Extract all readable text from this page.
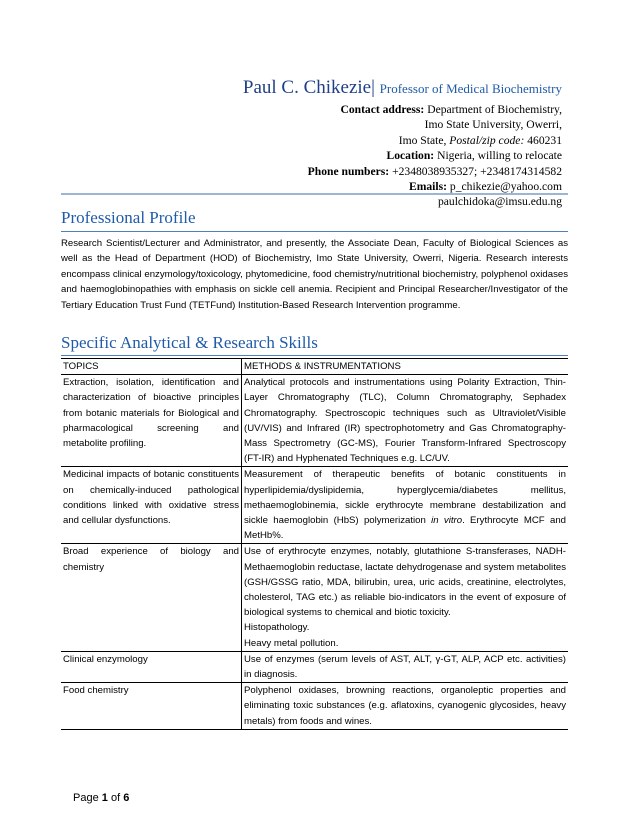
Paul C. Chikezie| Professor of Medical Biochemistry
Contact address: Department of Biochemistry,
Imo State University, Owerri,
Imo State, Postal/zip code: 460231
Location: Nigeria, willing to relocate
Phone numbers: +2348038935327; +2348174314582
Emails: p_chikezie@yahoo.com
paulchidoka@imsu.edu.ng
Professional Profile
Research Scientist/Lecturer and Administrator, and presently, the Associate Dean, Faculty of Biological Sciences as well as the Head of Department (HOD) of Biochemistry, Imo State University, Owerri, Nigeria. Research interests encompass clinical enzymology/toxicology, phytomedicine, food chemistry/nutritional biochemistry, polyphenol oxidases and haemoglobinopathies with emphasis on sickle cell anemia. Recipient and Principal Researcher/Investigator of the Tertiary Education Trust Fund (TETFund) Institution-Based Research Intervention programme.
Specific Analytical & Research Skills
TOPICS	METHODS & INSTRUMENTATIONS
Extraction, isolation, identification and characterization of bioactive principles from botanic materials for Biological and pharmacological screening and metabolite profiling.	Analytical protocols and instrumentations using Polarity Extraction, Thin-Layer Chromatography (TLC), Column Chromatography, Sephadex Chromatography. Spectroscopic techniques such as Ultraviolet/Visible (UV/VIS) and Infrared (IR) spectrophotometry and Gas Chromatography-Mass Spectrometry (GC-MS), Fourier Transform-Infrared Spectroscopy (FT-IR) and Hyphenated Techniques e.g. LC/UV.
Medicinal impacts of botanic constituents on chemically-induced pathological conditions linked with oxidative stress and cellular dysfunctions.	Measurement of therapeutic benefits of botanic constituents in hyperlipidemia/dyslipidemia, hyperglycemia/diabetes mellitus, methaemoglobinemia, sickle erythrocyte membrane destabilization and sickle haemoglobin (HbS) polymerization in vitro. Erythrocyte MCF and MetHb%.
Broad experience of biology and chemistry	Use of erythrocyte enzymes, notably, glutathione S-transferases, NADH-Methaemoglobin reductase, lactate dehydrogenase and system metabolites (GSH/GSSG ratio, MDA, bilirubin, urea, uric acids, creatinine, electrolytes, cholesterol, TAG etc.) as reliable bio-indicators in the event of exposure of biological systems to chemical and biotic toxicity.
Histopathology.
Heavy metal pollution.

Clinical enzymology	Use of enzymes (serum levels of AST, ALT, γ-GT, ALP, ACP etc. activities) in diagnosis.
Food chemistry	Polyphenol oxidases, browning reactions, organoleptic properties and eliminating toxic substances (e.g. aflatoxins, cyanogenic glycosides, heavy metals) from foods and wines.
Page 1 of 6
